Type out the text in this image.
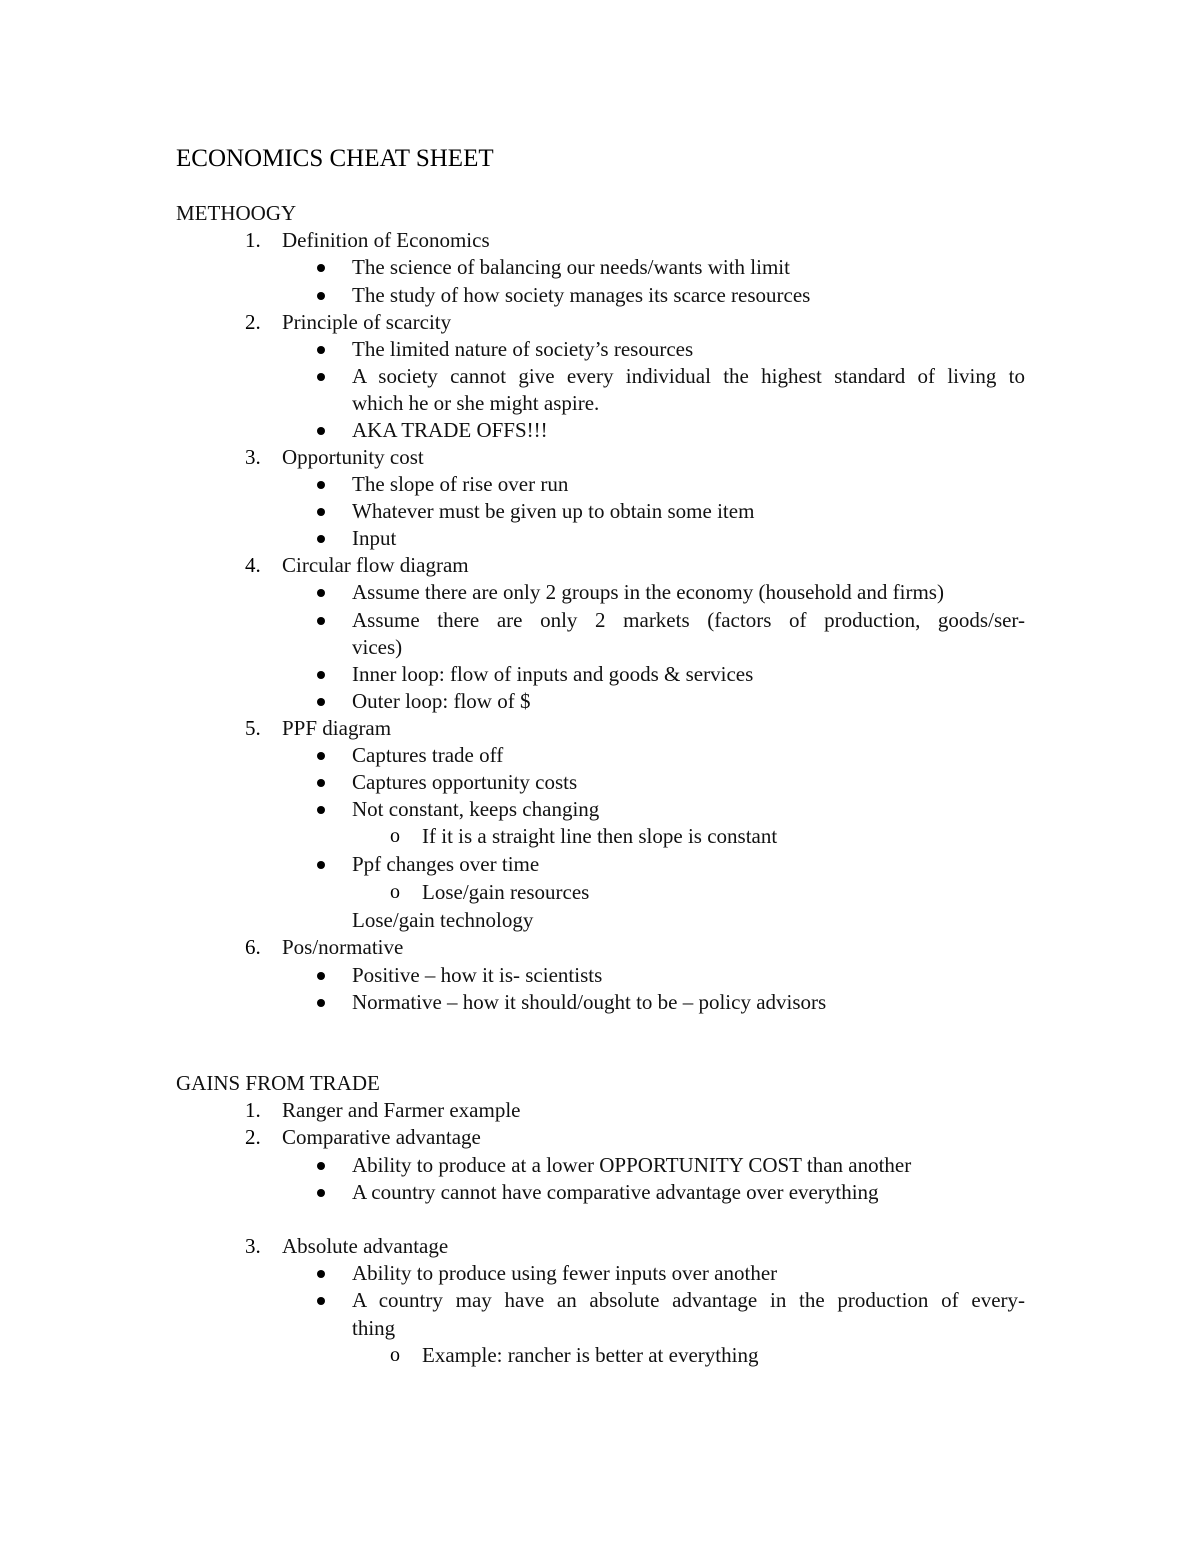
ECONOMICS CHEAT SHEET
METHOOGY
1. Definition of Economics
The science of balancing our needs/wants with limit
The study of how society manages its scarce resources
2. Principle of scarcity
The limited nature of society’s resources
A society cannot give every individual the highest standard of living to
which he or she might aspire.
AKA TRADE OFFS!!!
3. Opportunity cost
The slope of rise over run
Whatever must be given up to obtain some item
Input
4. Circular flow diagram
Assume there are only 2 groups in the economy (household and firms)
Assume there are only 2 markets (factors of production, goods/ser-
vices)
Inner loop: flow of inputs and goods & services
Outer loop: flow of $
5. PPF diagram
Captures trade off
Captures opportunity costs
Not constant, keeps changing
o If it is a straight line then slope is constant
Ppf changes over time
o Lose/gain resources
Lose/gain technology
6. Pos/normative
Positive – how it is- scientists
Normative – how it should/ought to be – policy advisors
GAINS FROM TRADE
1. Ranger and Farmer example
2. Comparative advantage
Ability to produce at a lower OPPORTUNITY COST than another
A country cannot have comparative advantage over everything
3. Absolute advantage
Ability to produce using fewer inputs over another
A country may have an absolute advantage in the production of every-
thing
o Example: rancher is better at everything
